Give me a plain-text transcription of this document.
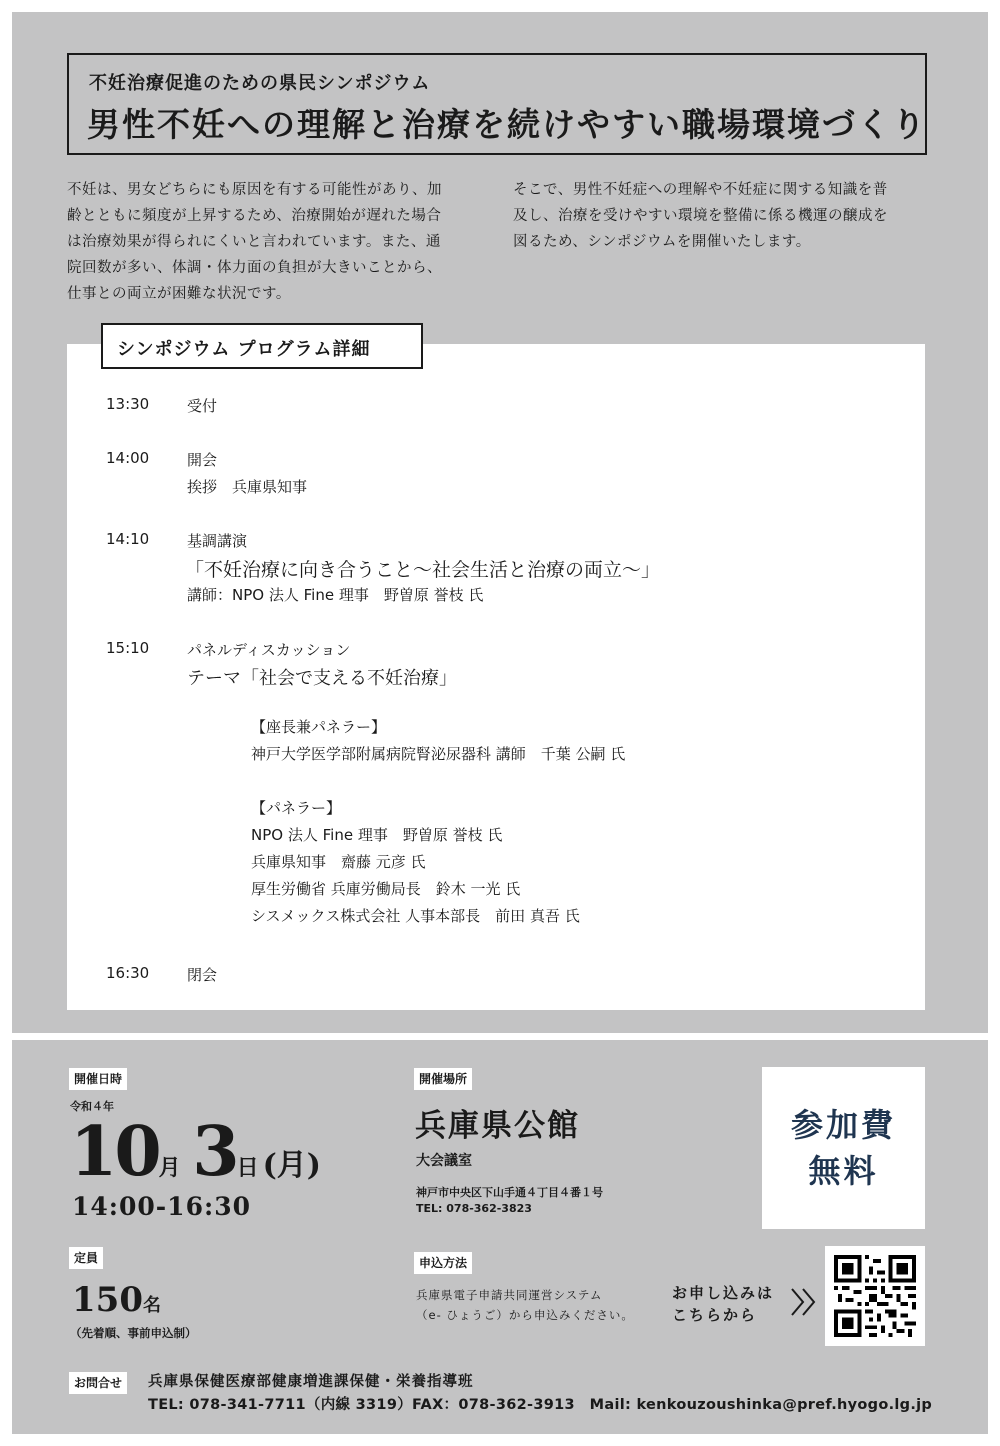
不妊治療促進のための県民シンポジウム
男性不妊への理解と治療を続けやすい職場環境づくり
不妊は、男女どちらにも原因を有する可能性があり、加
齢とともに頻度が上昇するため、治療開始が遅れた場合
は治療効果が得られにくいと言われています。また、通
院回数が多い、体調・体力面の負担が大きいことから、
仕事との両立が困難な状況です。
そこで、男性不妊症への理解や不妊症に関する知識を普
及し、治療を受けやすい環境を整備に係る機運の醸成を
図るため、シンポジウムを開催いたします。
シンポジウム プログラム詳細
13:30	受付
14:00	開会
挨拶　兵庫県知事
14:10	基調講演
「不妊治療に向き合うこと～社会生活と治療の両立～」
講師：NPO 法人 Fine 理事　野曽原 誉枝 氏
15:10	パネルディスカッション
テーマ「社会で支える不妊治療」
【座長兼パネラー】
神戸大学医学部附属病院腎泌尿器科 講師　千葉 公嗣 氏
【パネラー】
NPO 法人 Fine 理事　野曽原 誉枝 氏
兵庫県知事　齋藤 元彦 氏
厚生労働省 兵庫労働局長　鈴木 一光 氏
シスメックス株式会社 人事本部長　前田 真吾 氏
16:30	閉会
開催日時
令和４年
10月 3日 (月)
14:00-16:30
定員
150名
（先着順、事前申込制）
開催場所
兵庫県公館
大会議室
神戸市中央区下山手通４丁目４番１号
TEL: 078-362-3823
参加費
無料
申込方法
兵庫県電子申請共同運営システム
（e- ひょうご）から申込みください。
お申し込みは
こちらから
お問合せ	兵庫県保健医療部健康増進課保健・栄養指導班
TEL: 078-341-7711（内線 3319）FAX：078-362-3913　Mail: kenkouzoushinka@pref.hyogo.lg.jp
